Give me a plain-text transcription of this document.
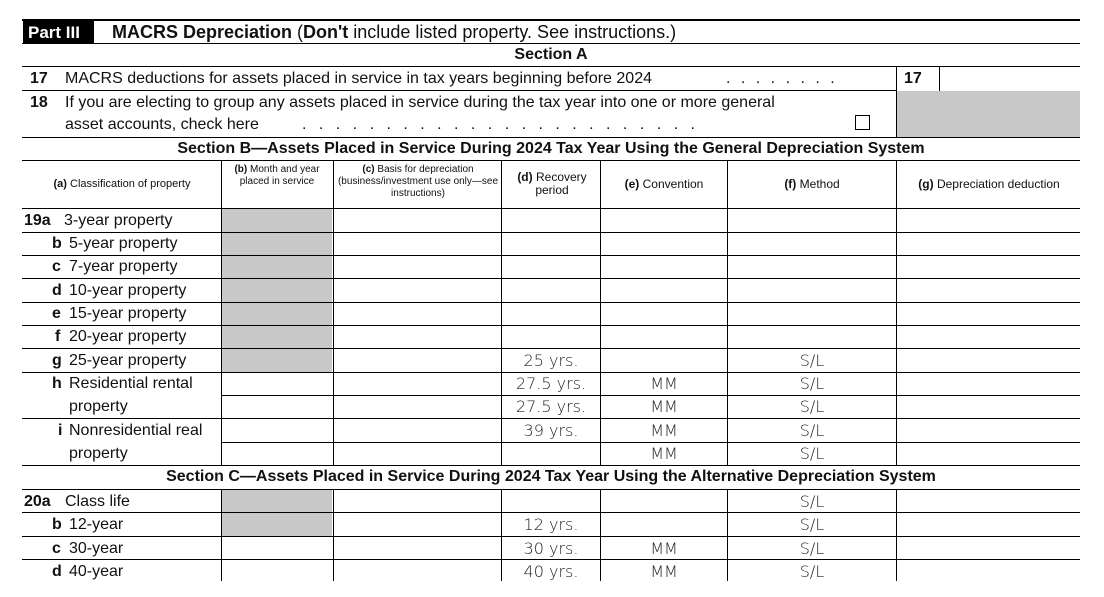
Part III MACRS Depreciation (Don't include listed property. See instructions.)
Section A
17 MACRS deductions for assets placed in service in tax years beginning before 2024	. . . . . . . .	17
18 If you are electing to group any assets placed in service during the tax year into one or more general
asset accounts, check here	. . . . . . . . . . . . . . . . . . . . . . . .
Section B—Assets Placed in Service During 2024 Tax Year Using the General Depreciation System
(a) Classification of property
(b) Month and year placed in service
(c) Basis for depreciation (business/investment use only—see instructions)
(d) Recovery period	(e) Convention	(f) Method	(g) Depreciation deduction
19a 3-year property
b 5-year property
c 7-year property
d 10-year property
e 15-year property
f 20-year property
g 25-year property	25 yrs.	S/L
h Residential rental	27.5 yrs.	MM	S/L
property	27.5 yrs.	MM	S/L
i Nonresidential real	39 yrs.	MM	S/L
property	MM	S/L
Section C—Assets Placed in Service During 2024 Tax Year Using the Alternative Depreciation System
20a Class life	S/L
b 12-year	12 yrs.	S/L
c 30-year	30 yrs.	MM	S/L
d 40-year	40 yrs.	MM	S/L
